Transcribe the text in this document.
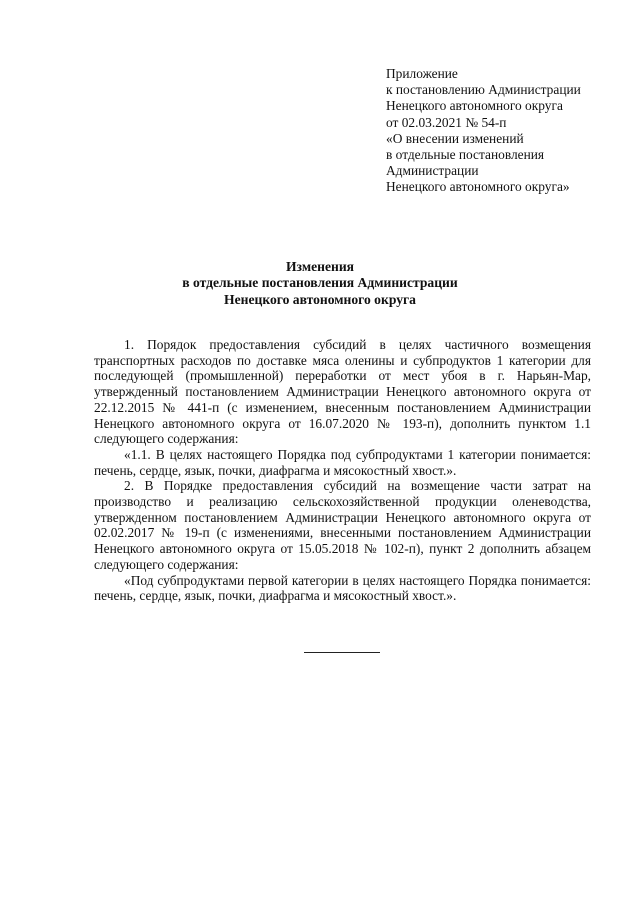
Приложение
к постановлению Администрации
Ненецкого автономного округа
от 02.03.2021 № 54-п
«О внесении изменений
в отдельные постановления
Администрации
Ненецкого автономного округа»
Изменения
в отдельные постановления Администрации
Ненецкого автономного округа

1. Порядок предоставления субсидий в целях частичного возмещения транспортных расходов по доставке мяса оленины и субпродуктов 1 категории для последующей (промышленной) переработки от мест убоя в г. Нарьян-Мар, утвержденный постановлением Администрации Ненецкого автономного округа от 22.12.2015 № 441-п (с изменением, внесенным постановлением Администрации Ненецкого автономного округа от 16.07.2020 № 193-п), дополнить пунктом 1.1 следующего содержания:

«1.1. В целях настоящего Порядка под субпродуктами 1 категории понимается: печень, сердце, язык, почки, диафрагма и мясокостный хвост.».

2. В Порядке предоставления субсидий на возмещение части затрат на производство и реализацию сельскохозяйственной продукции оленеводства, утвержденном постановлением Администрации Ненецкого автономного округа от 02.02.2017 № 19-п (с изменениями, внесенными постановлением Администрации Ненецкого автономного округа от 15.05.2018 № 102-п), пункт 2 дополнить абзацем следующего содержания:

«Под субпродуктами первой категории в целях настоящего Порядка понимается: печень, сердце, язык, почки, диафрагма и мясокостный хвост.».
